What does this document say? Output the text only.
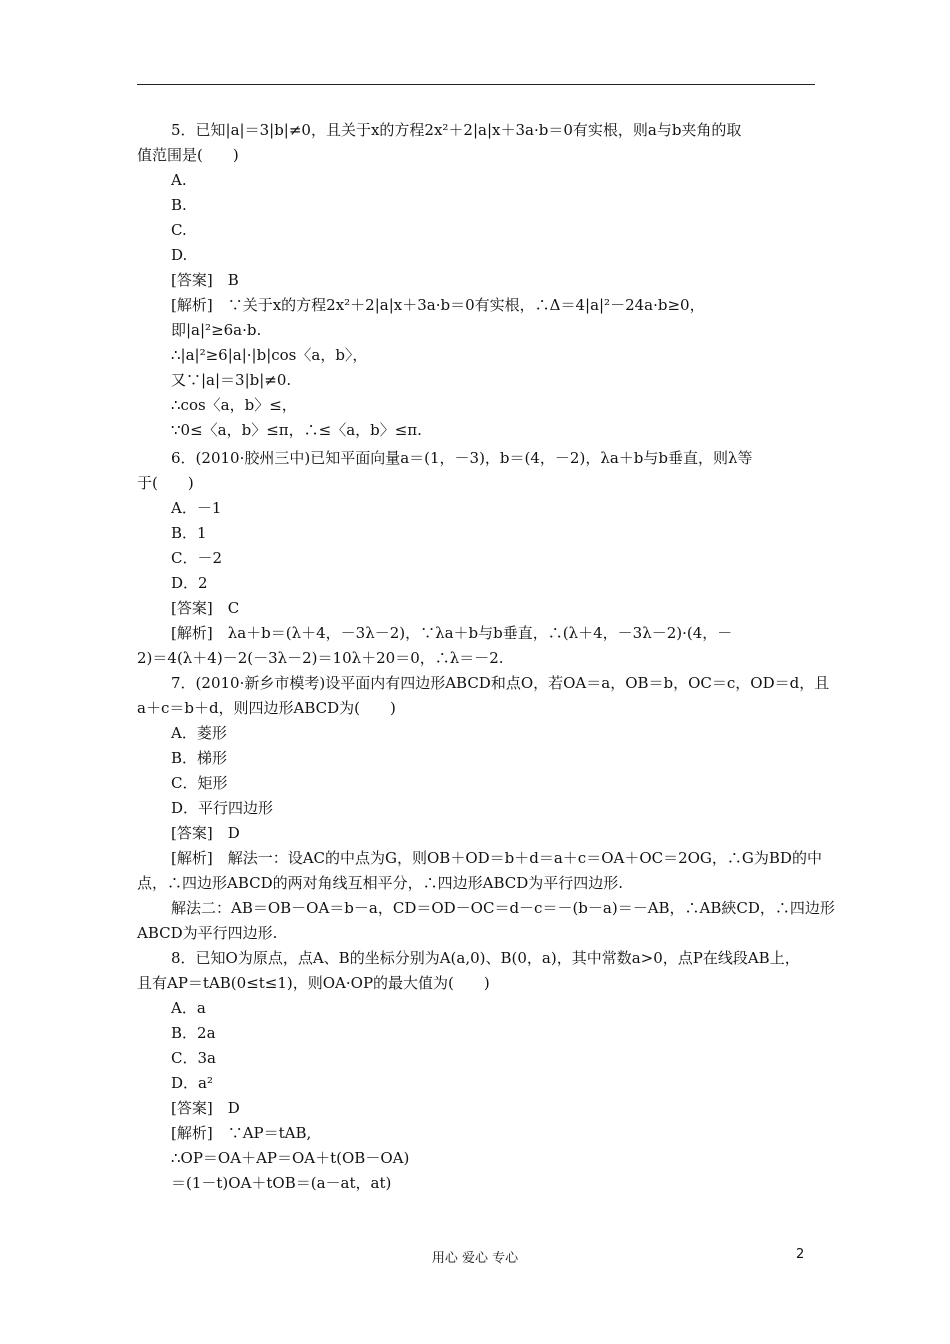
5．已知|a|＝3|b|≠0，且关于x的方程2x²＋2|a|x＋3a·b＝0有实根，则a与b夹角的取
值范围是(　　)
A.
B.
C.
D.
[答案]　B
[解析]　∵关于x的方程2x²＋2|a|x＋3a·b＝0有实根，∴Δ＝4|a|²－24a·b≥0，
即|a|²≥6a·b.
∴|a|²≥6|a|·|b|cos〈a，b〉，
又∵|a|＝3|b|≠0.
∴cos〈a，b〉≤，
∵0≤〈a，b〉≤π，∴≤〈a，b〉≤π.
6．(2010·胶州三中)已知平面向量a＝(1，－3)，b＝(4，－2)，λa＋b与b垂直，则λ等
于(　　)
A．－1
B．1
C．－2
D．2
[答案]　C
[解析]　λa＋b＝(λ＋4，－3λ－2)，∵λa＋b与b垂直，∴(λ＋4，－3λ－2)·(4，－
2)＝4(λ＋4)－2(－3λ－2)＝10λ＋20＝0，∴λ＝－2.
7．(2010·新乡市模考)设平面内有四边形ABCD和点O，若OA＝a，OB＝b，OC＝c，OD＝d，且
a＋c＝b＋d，则四边形ABCD为(　　)
A．菱形
B．梯形
C．矩形
D．平行四边形
[答案]　D
[解析]　解法一：设AC的中点为G，则OB＋OD＝b＋d＝a＋c＝OA＋OC＝2OG，∴G为BD的中
点，∴四边形ABCD的两对角线互相平分，∴四边形ABCD为平行四边形.
解法二：AB＝OB－OA＝b－a，CD＝OD－OC＝d－c＝－(b－a)＝－AB，∴AB綊CD，∴四边形
ABCD为平行四边形.
8．已知O为原点，点A、B的坐标分别为A(a,0)、B(0，a)，其中常数a>0，点P在线段AB上，
且有AP＝tAB(0≤t≤1)，则OA·OP的最大值为(　　)
A．a
B．2a
C．3a
D．a²
[答案]　D
[解析]　∵AP＝tAB,
∴OP＝OA＋AP＝OA＋t(OB－OA)
＝(1－t)OA＋tOB＝(a－at，at)
用心 爱心 专心	2
